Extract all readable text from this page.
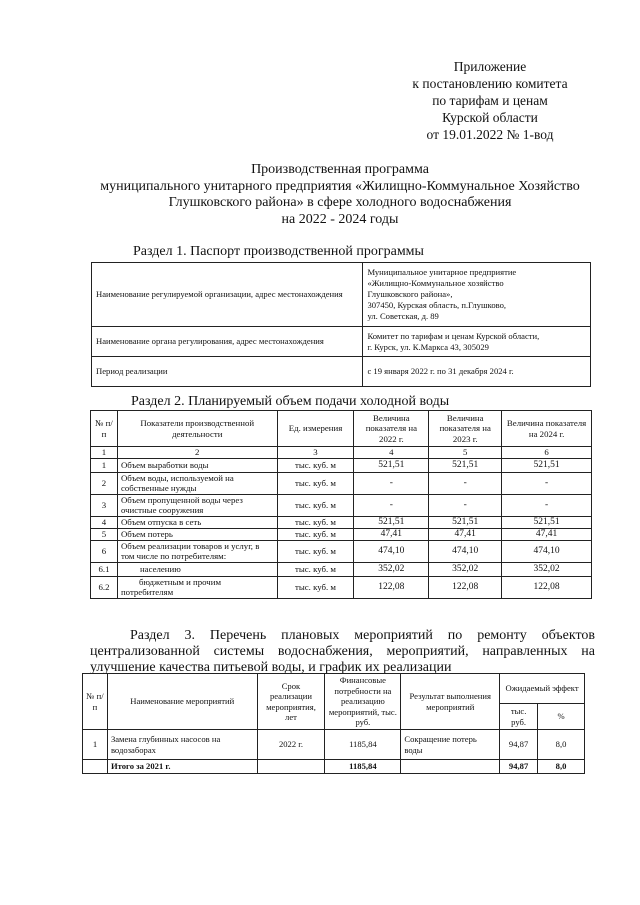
Приложение
к постановлению комитета
по тарифам и ценам
Курской области
от 19.01.2022 № 1-вод
Производственная программа
муниципального унитарного предприятия «Жилищно-Коммунальное Хозяйство
Глушковского района» в сфере холодного водоснабжения
на 2022 - 2024 годы
Раздел 1. Паспорт производственной программы
Наименование регулируемой организации, адрес местонахождения	Муниципальное унитарное предприятие
«Жилищно-Коммунальное хозяйство
Глушковского района»,
307450, Курская область, п.Глушково,
ул. Советская, д. 89

Наименование органа регулирования, адрес местонахождения	Комитет по тарифам и ценам Курской области,
г. Курск, ул. К.Маркса 43, 305029

Период реализации	с 19 января 2022 г. по 31 декабря 2024 г.
Раздел 2. Планируемый объем подачи холодной воды
№ п/п	Показатели производственной деятельности	Ед. измерения	Величина показателя на 2022 г.	Величина показателя на 2023 г.	Величина показателя на 2024 г.
1	2	3	4	5	6
1	Объем выработки воды	тыс. куб. м	521,51	521,51	521,51
2	Объем воды, используемой на собственные нужды	тыс. куб. м	-	-	-
3	Объем пропущенной воды через очистные сооружения	тыс. куб. м	-	-	-
4	Объем отпуска в сеть	тыс. куб. м	521,51	521,51	521,51
5	Объем потерь	тыс. куб. м	47,41	47,41	47,41
6	Объем реализации товаров и услуг, в том числе по потребителям:	тыс. куб. м	474,10	474,10	474,10
6.1	населению	тыс. куб. м	352,02	352,02	352,02
6.2	бюджетным и прочим потребителям	тыс. куб. м	122,08	122,08	122,08
Раздел 3. Перечень плановых мероприятий по ремонту объектов
централизованной системы водоснабжения, мероприятий, направленных на
улучшение качества питьевой воды, и график их реализации
№ п/п	Наименование мероприятий	Срок реализации мероприятия, лет	Финансовые потребности на реализацию мероприятий, тыс. руб.	Результат выполнения мероприятий	Ожидаемый эффект	
					тыс. руб.	%
1	Замена глубинных насосов на водозаборах	2022 г.	1185,84	Сокращение потерь воды	94,87	8,0
	Итого за 2021 г.		1185,84		94,87	8,0
